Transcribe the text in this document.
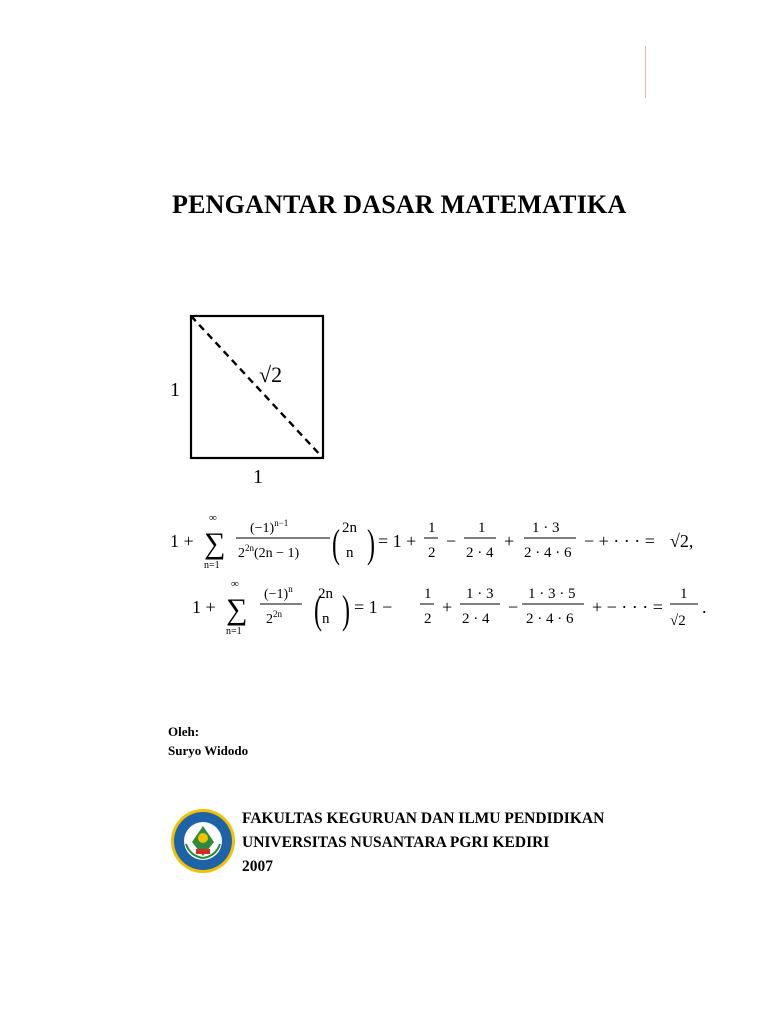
PENGANTAR DASAR MATEMATIKA
1
1
√2
1 + ∑
∞
n=1
$(-1)^{n-1}$
$2^{2n}(2n - 1)$ ( 2n
n ) = 1 +
1
2
−
1
2 · 4
+
1 · 3
2 · 4 · 6
− + · · · = √2,
1 + ∑
∞
n=1
$(-1)^n$
$2^{2n}$ (
2n
n ) = 1 −
1
2
+
1 · 3
2 · 4
−
1 · 3 · 5
2 · 4 · 6
+ − · · · =
1
√2
.
Oleh:
Suryo Widodo
FAKULTAS KEGURUAN DAN ILMU PENDIDIKAN
UNIVERSITAS NUSANTARA PGRI KEDIRI
2007
